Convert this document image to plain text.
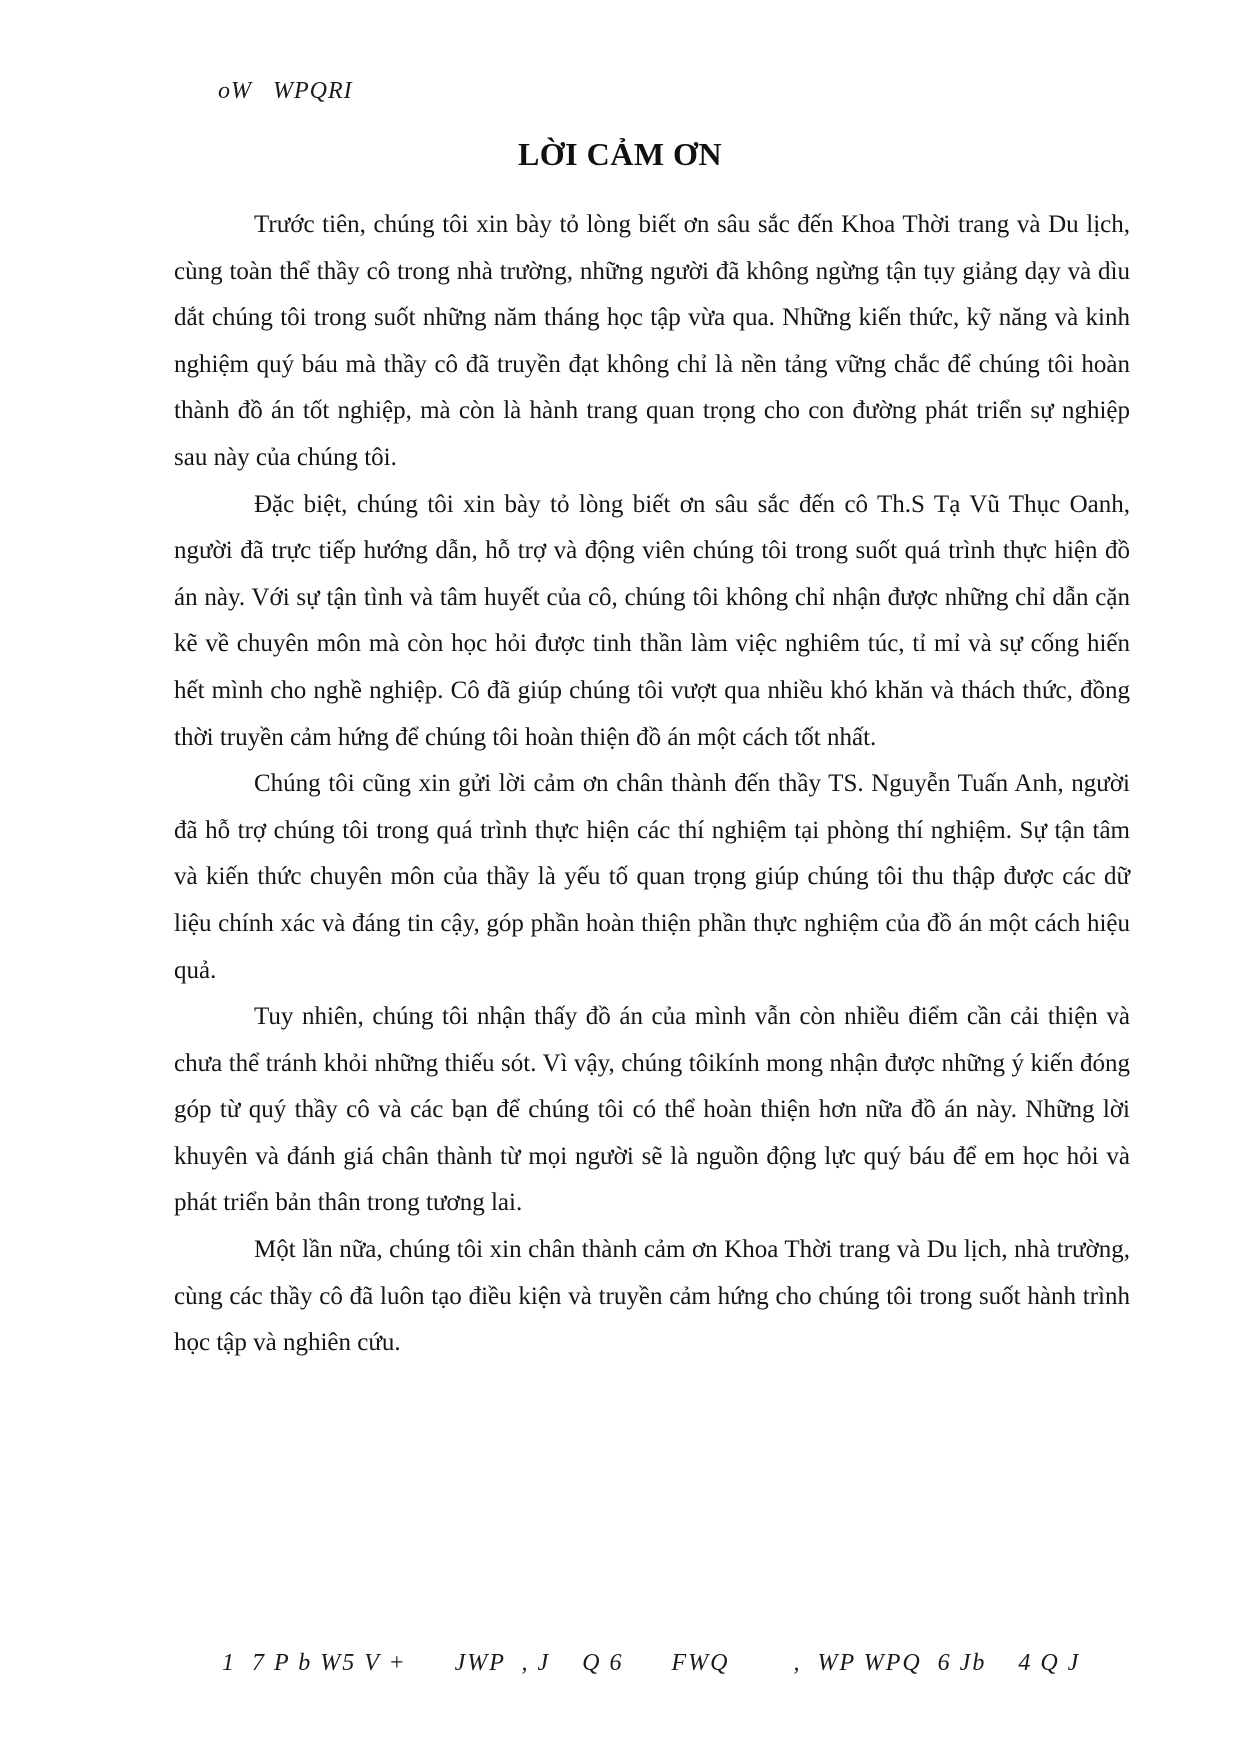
oW   WPQRI
LỜI CẢM ƠN

Trước tiên, chúng tôi xin bày tỏ lòng biết ơn sâu sắc đến Khoa Thời trang và Du lịch, cùng toàn thể thầy cô trong nhà trường, những người đã không ngừng tận tụy giảng dạy và dìu dắt chúng tôi trong suốt những năm tháng học tập vừa qua. Những kiến thức, kỹ năng và kinh nghiệm quý báu mà thầy cô đã truyền đạt không chỉ là nền tảng vững chắc để chúng tôi hoàn thành đồ án tốt nghiệp, mà còn là hành trang quan trọng cho con đường phát triển sự nghiệp sau này của chúng tôi.

Đặc biệt, chúng tôi xin bày tỏ lòng biết ơn sâu sắc đến cô Th.S Tạ Vũ Thục Oanh, người đã trực tiếp hướng dẫn, hỗ trợ và động viên chúng tôi trong suốt quá trình thực hiện đồ án này. Với sự tận tình và tâm huyết của cô, chúng tôi không chỉ nhận được những chỉ dẫn cặn kẽ về chuyên môn mà còn học hỏi được tinh thần làm việc nghiêm túc, tỉ mỉ và sự cống hiến hết mình cho nghề nghiệp. Cô đã giúp chúng tôi vượt qua nhiều khó khăn và thách thức, đồng thời truyền cảm hứng để chúng tôi hoàn thiện đồ án một cách tốt nhất.

Chúng tôi cũng xin gửi lời cảm ơn chân thành đến thầy TS. Nguyễn Tuấn Anh, người đã hỗ trợ chúng tôi trong quá trình thực hiện các thí nghiệm tại phòng thí nghiệm. Sự tận tâm và kiến thức chuyên môn của thầy là yếu tố quan trọng giúp chúng tôi thu thập được các dữ liệu chính xác và đáng tin cậy, góp phần hoàn thiện phần thực nghiệm của đồ án một cách hiệu quả.

Tuy nhiên, chúng tôi nhận thấy đồ án của mình vẫn còn nhiều điểm cần cải thiện và chưa thể tránh khỏi những thiếu sót. Vì vậy, chúng tôikính mong nhận được những ý kiến đóng góp từ quý thầy cô và các bạn để chúng tôi có thể hoàn thiện hơn nữa đồ án này. Những lời khuyên và đánh giá chân thành từ mọi người sẽ là nguồn động lực quý báu để em học hỏi và phát triển bản thân trong tương lai.

Một lần nữa, chúng tôi xin chân thành cảm ơn Khoa Thời trang và Du lịch, nhà trường, cùng các thầy cô đã luôn tạo điều kiện và truyền cảm hứng cho chúng tôi trong suốt hành trình học tập và nghiên cứu.

1  7 P b W5 V +      JWP  , J    Q 6      FWQ        ,  WP WPQ  6 Jb    4 Q J
